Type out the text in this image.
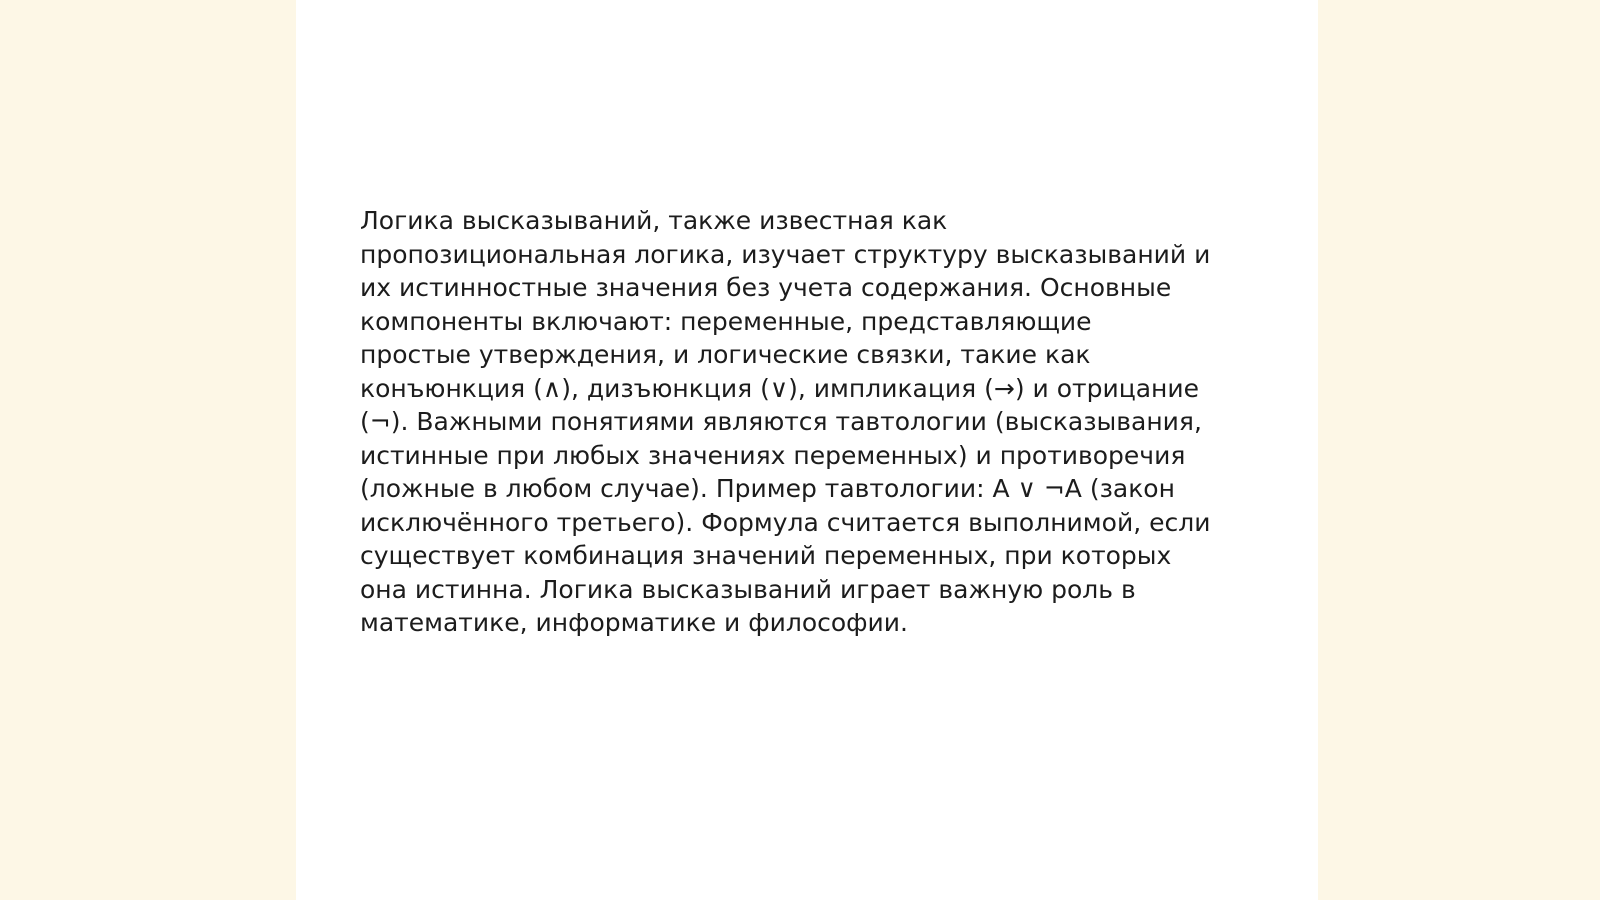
Логика высказываний, также известная как
пропозициональная логика, изучает структуру высказываний и
их истинностные значения без учета содержания. Основные
компоненты включают: переменные, представляющие
простые утверждения, и логические связки, такие как
конъюнкция (∧), дизъюнкция (∨), импликация (→) и отрицание
(¬). Важными понятиями являются тавтологии (высказывания,
истинные при любых значениях переменных) и противоречия
(ложные в любом случае). Пример тавтологии: A ∨ ¬A (закон
исключённого третьего). Формула считается выполнимой, если
существует комбинация значений переменных, при которых
она истинна. Логика высказываний играет важную роль в
математике, информатике и философии.
